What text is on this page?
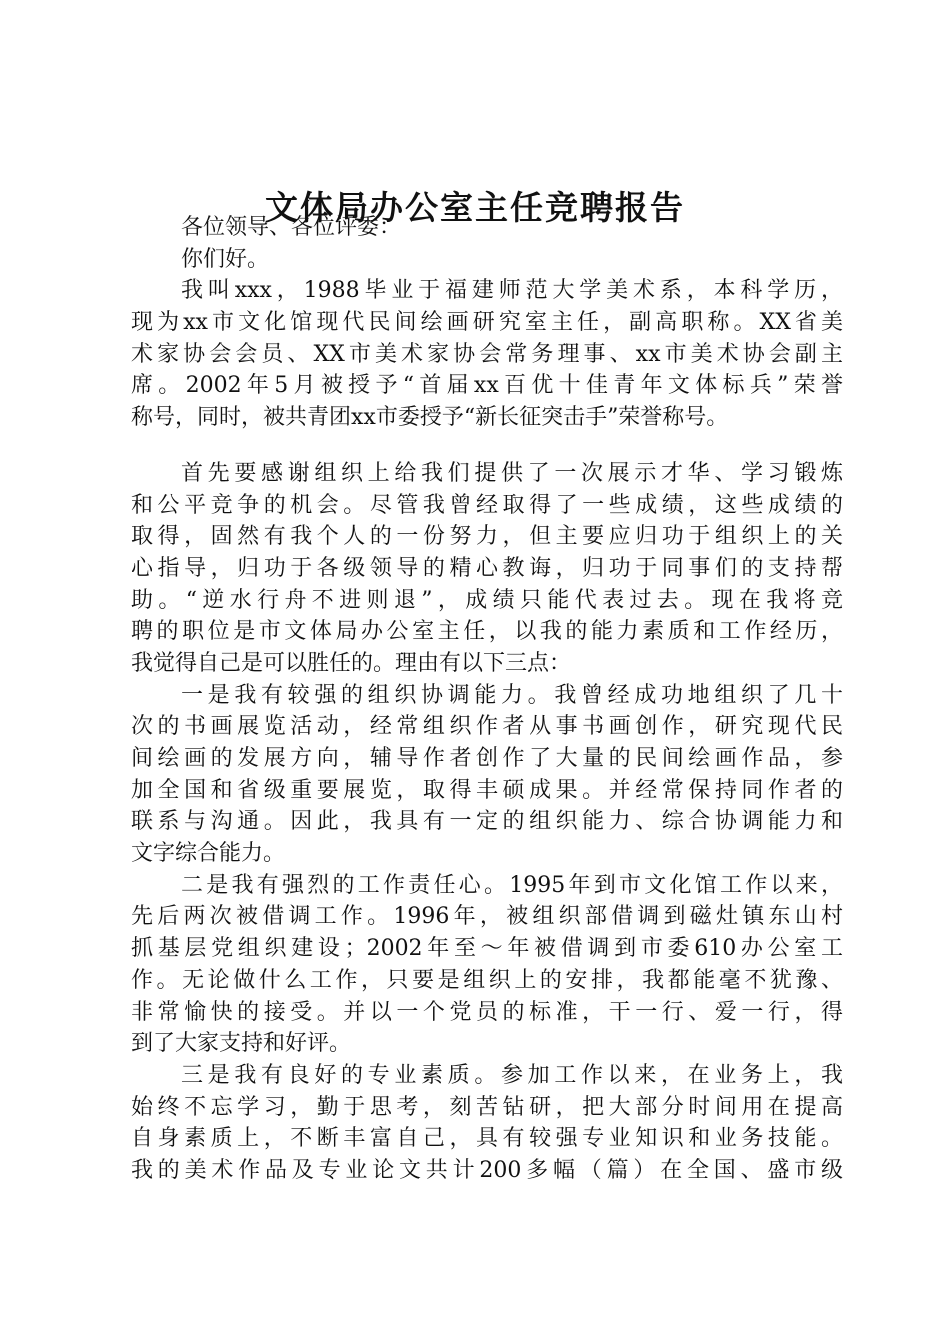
文体局办公室主任竞聘报告
各位领导、各位评委：
你们好。
我叫xxx，1988毕业于福建师范大学美术系，本科学历，
现为xx市文化馆现代民间绘画研究室主任，副高职称。XX省美
术家协会会员、XX市美术家协会常务理事、xx市美术协会副主
席。2002年5月被授予“首届xx百优十佳青年文体标兵”荣誉
称号，同时，被共青团xx市委授予“新长征突击手”荣誉称号。
首先要感谢组织上给我们提供了一次展示才华、学习锻炼
和公平竞争的机会。尽管我曾经取得了一些成绩，这些成绩的
取得，固然有我个人的一份努力，但主要应归功于组织上的关
心指导，归功于各级领导的精心教诲，归功于同事们的支持帮
助。“逆水行舟不进则退”，成绩只能代表过去。现在我将竞
聘的职位是市文体局办公室主任，以我的能力素质和工作经历，
我觉得自己是可以胜任的。理由有以下三点：
一是我有较强的组织协调能力。我曾经成功地组织了几十
次的书画展览活动，经常组织作者从事书画创作，研究现代民
间绘画的发展方向，辅导作者创作了大量的民间绘画作品，参
加全国和省级重要展览，取得丰硕成果。并经常保持同作者的
联系与沟通。因此，我具有一定的组织能力、综合协调能力和
文字综合能力。
二是我有强烈的工作责任心。1995年到市文化馆工作以来，
先后两次被借调工作。1996年，被组织部借调到磁灶镇东山村
抓基层党组织建设；2002年至～年被借调到市委610办公室工
作。无论做什么工作，只要是组织上的安排，我都能毫不犹豫、
非常愉快的接受。并以一个党员的标准，干一行、爱一行，得
到了大家支持和好评。
三是我有良好的专业素质。参加工作以来，在业务上，我
始终不忘学习，勤于思考，刻苦钻研，把大部分时间用在提高
自身素质上，不断丰富自己，具有较强专业知识和业务技能。
我的美术作品及专业论文共计200多幅（篇）在全国、盛市级
